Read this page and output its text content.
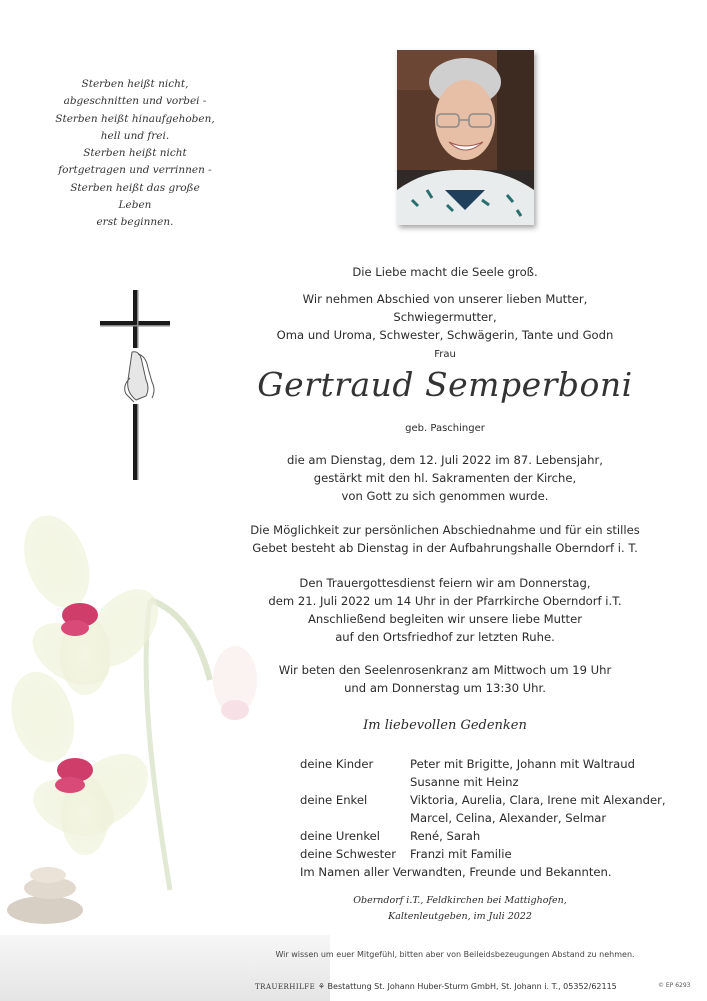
Sterben heißt nicht,
abgeschnitten und vorbei -
Sterben heißt hinaufgehoben,
hell und frei.
Sterben heißt nicht
fortgetragen und verrinnen -
Sterben heißt das große Leben
erst beginnen.
Die Liebe macht die Seele groß.
Wir nehmen Abschied von unserer lieben Mutter, Schwiegermutter,
Oma und Uroma, Schwester, Schwägerin, Tante und Godn
Frau
Gertraud Semperboni
geb. Paschinger
die am Dienstag, dem 12. Juli 2022 im 87. Lebensjahr,
gestärkt mit den hl. Sakramenten der Kirche,
von Gott zu sich genommen wurde.
Die Möglichkeit zur persönlichen Abschiednahme und für ein stilles
Gebet besteht ab Dienstag in der Aufbahrungshalle Oberndorf i. T.
Den Trauergottesdienst feiern wir am Donnerstag,
dem 21. Juli 2022 um 14 Uhr in der Pfarrkirche Oberndorf i.T.
Anschließend begleiten wir unsere liebe Mutter
auf den Ortsfriedhof zur letzten Ruhe.
Wir beten den Seelenrosenkranz am Mittwoch um 19 Uhr
und am Donnerstag um 13:30 Uhr.
Im liebevollen Gedenken
deine Kinder	Peter mit Brigitte, Johann mit Waltraud
Susanne mit Heinz
deine Enkel	Viktoria, Aurelia, Clara, Irene mit Alexander,
Marcel, Celina, Alexander, Selmar
deine Urenkel	René, Sarah
deine Schwester	Franzi mit Familie
Im Namen aller Verwandten, Freunde und Bekannten.
Oberndorf i.T., Feldkirchen bei Mattighofen,
Kaltenleutgeben, im Juli 2022
Wir wissen um euer Mitgefühl, bitten aber von Beileidsbezeugungen Abstand zu nehmen.
TRAUERHILFE ⚘ Bestattung St. Johann Huber-Sturm GmbH, St. Johann i. T., 05352/62115	© EP 6293
